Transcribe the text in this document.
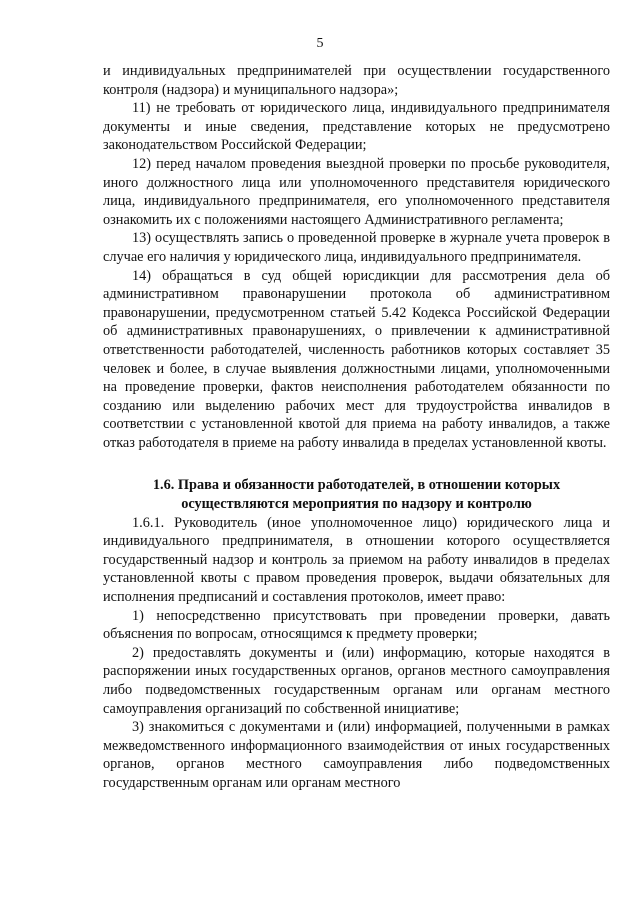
5

и индивидуальных предпринимателей при осуществлении государственного контроля (надзора) и муниципального надзора»;

11) не требовать от юридического лица, индивидуального предпринимателя документы и иные сведения, представление которых не предусмотрено законодательством Российской Федерации;

12) перед началом проведения выездной проверки по просьбе руководителя, иного должностного лица или уполномоченного представителя юридического лица, индивидуального предпринимателя, его уполномоченного представителя ознакомить их с положениями настоящего Административного регламента;

13) осуществлять запись о проведенной проверке в журнале учета проверок в случае его наличия у юридического лица, индивидуального предпринимателя.

14) обращаться в суд общей юрисдикции для рассмотрения дела об административном правонарушении протокола об административном правонарушении, предусмотренном статьей 5.42 Кодекса Российской Федерации об административных правонарушениях, о привлечении к административной ответственности работодателей, численность работников которых составляет 35 человек и более, в случае выявления должностными лицами, уполномоченными на проведение проверки, фактов неисполнения работодателем обязанности по созданию или выделению рабочих мест для трудоустройства инвалидов в соответствии с установленной квотой для приема на работу инвалидов, а также отказ работодателя в приеме на работу инвалида в пределах установленной квоты.

1.6. Права и обязанности работодателей, в отношении которых
осуществляются мероприятия по надзору и контролю

1.6.1. Руководитель (иное уполномоченное лицо) юридического лица и индивидуального предпринимателя, в отношении которого осуществляется государственный надзор и контроль за приемом на работу инвалидов в пределах установленной квоты с правом проведения проверок, выдачи обязательных для исполнения предписаний и составления протоколов, имеет право:

1) непосредственно присутствовать при проведении проверки, давать объяснения по вопросам, относящимся к предмету проверки;

2) предоставлять документы и (или) информацию, которые находятся в распоряжении иных государственных органов, органов местного самоуправления либо подведомственных государственным органам или органам местного самоуправления организаций по собственной инициативе;

3) знакомиться с документами и (или) информацией, полученными в рамках межведомственного информационного взаимодействия от иных государственных органов, органов местного самоуправления либо подведомственных государственным органам или органам местного
